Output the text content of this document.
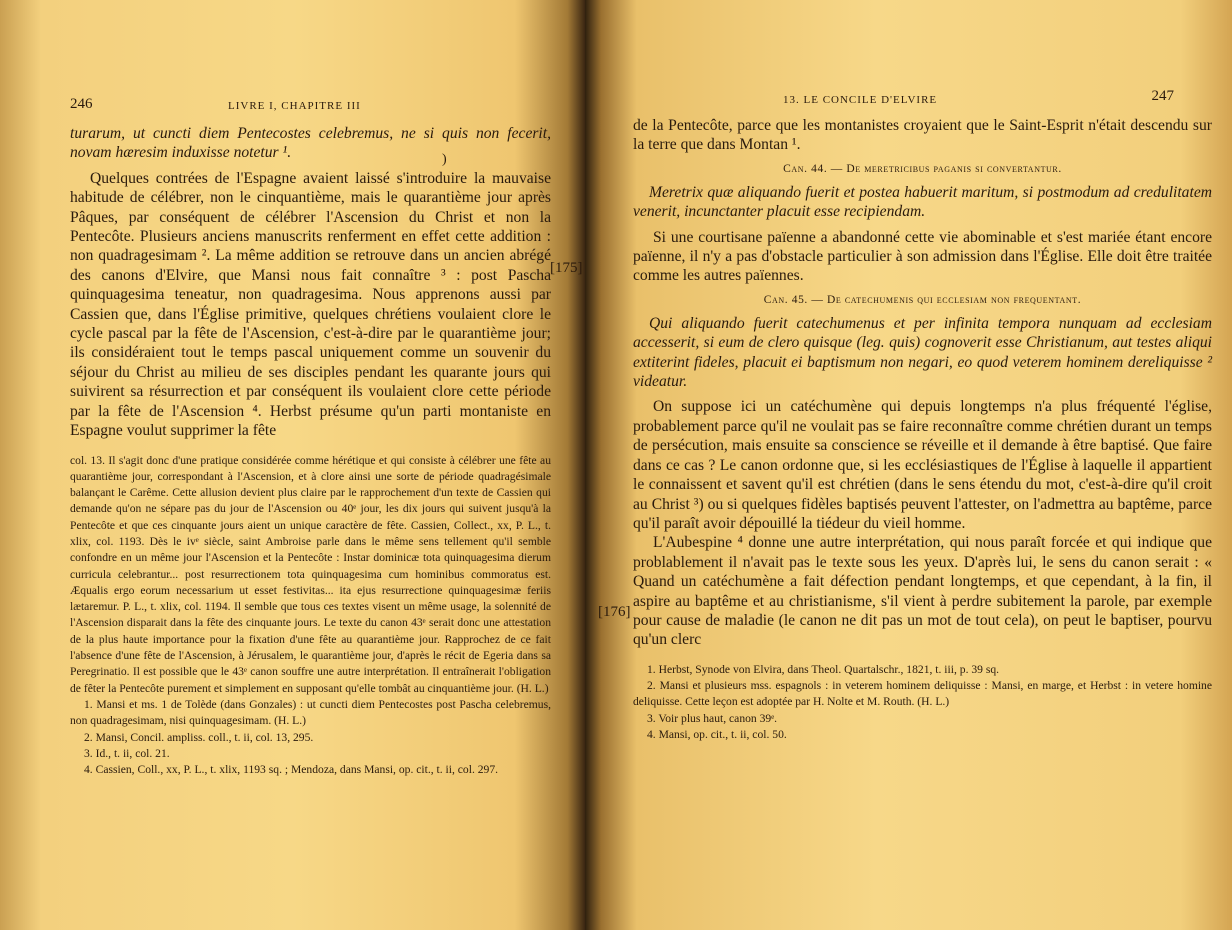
246	LIVRE I, CHAPITRE III

turarum, ut cuncti diem Pentecostes celebremus, ne si quis non fecerit, novam hæresim induxisse notetur ¹.

Quelques contrées de l'Espagne avaient laissé s'introduire la mauvaise habitude de célébrer, non le cinquantième, mais le quarantième jour après Pâques, par conséquent de célébrer l'Ascension du Christ et non la Pentecôte. Plusieurs anciens manuscrits renferment en effet cette addition : non quadragesimam ². La même addition se retrouve dans un ancien abrégé des canons d'Elvire, que Mansi nous fait connaître ³ : post Pascha quinquagesima teneatur, non quadragesima. Nous apprenons aussi par Cassien que, dans l'Église primitive, quelques chrétiens voulaient clore le cycle pascal par la fête de l'Ascension, c'est-à-dire par le quarantième jour; ils considéraient tout le temps pascal uniquement comme un souvenir du séjour du Christ au milieu de ses disciples pendant les quarante jours qui suivirent sa résurrection et par conséquent ils voulaient clore cette période par la fête de l'Ascension ⁴. Herbst présume qu'un parti montaniste en Espagne voulut supprimer la fête

col. 13. Il s'agit donc d'une pratique considérée comme hérétique et qui consiste à célébrer une fête au quarantième jour, correspondant à l'Ascension, et à clore ainsi une sorte de période quadragésimale balançant le Carême. Cette allusion devient plus claire par le rapprochement d'un texte de Cassien qui demande qu'on ne sépare pas du jour de l'Ascension ou 40ᵉ jour, les dix jours qui suivent jusqu'à la Pentecôte et que ces cinquante jours aient un unique caractère de fête. Cassien, Collect., xx, P. L., t. xlix, col. 1193. Dès le ivᵉ siècle, saint Ambroise parle dans le même sens tellement qu'il semble confondre en un même jour l'Ascension et la Pentecôte : Instar dominicæ tota quinquagesima dierum curricula celebrantur... post resurrectionem tota quinquagesima cum hominibus commoratus est. Æqualis ergo eorum necessarium ut esset festivitas... ita ejus resurrectione quinquagesimæ feriis lætaremur. P. L., t. xlix, col. 1194. Il semble que tous ces textes visent un même usage, la solennité de l'Ascension disparait dans la fête des cinquante jours. Le texte du canon 43ᵉ serait donc une attestation de la plus haute importance pour la fixation d'une fête au quarantième jour. Rapprochez de ce fait l'absence d'une fête de l'Ascension, à Jérusalem, le quarantième jour, d'après le récit de Egeria dans sa Peregrinatio. Il est possible que le 43ᵉ canon souffre une autre interprétation. Il entraînerait l'obligation de fêter la Pentecôte purement et simplement en supposant qu'elle tombât au cinquantième jour. (H. L.)

1. Mansi et ms. 1 de Tolède (dans Gonzales) : ut cuncti diem Pentecostes post Pascha celebremus, non quadragesimam, nisi quinquagesimam. (H. L.)

2. Mansi, Concil. ampliss. coll., t. ii, col. 13, 295.

3. Id., t. ii, col. 21.

4. Cassien, Coll., xx, P. L., t. xlix, 1193 sq. ; Mendoza, dans Mansi, op. cit., t. ii, col. 297.

13. LE CONCILE D'ELVIRE	247

de la Pentecôte, parce que les montanistes croyaient que le Saint-Esprit n'était descendu sur la terre que dans Montan ¹.

Can. 44. — De meretricibus paganis si convertantur.

Meretrix quæ aliquando fuerit et postea habuerit maritum, si postmodum ad credulitatem venerit, incunctanter placuit esse recipiendam.

Si une courtisane païenne a abandonné cette vie abominable et s'est mariée étant encore païenne, il n'y a pas d'obstacle particulier à son admission dans l'Église. Elle doit être traitée comme les autres païennes.

Can. 45. — De catechumenis qui ecclesiam non frequentant.

Qui aliquando fuerit catechumenus et per infinita tempora nunquam ad ecclesiam accesserit, si eum de clero quisque (leg. quis) cognoverit esse Christianum, aut testes aliqui extiterint fideles, placuit ei baptismum non negari, eo quod veterem hominem dereliquisse ² videatur.

On suppose ici un catéchumène qui depuis longtemps n'a plus fréquenté l'église, probablement parce qu'il ne voulait pas se faire reconnaître comme chrétien durant un temps de persécution, mais ensuite sa conscience se réveille et il demande à être baptisé. Que faire dans ce cas ? Le canon ordonne que, si les ecclésiastiques de l'Église à laquelle il appartient le connaissent et savent qu'il est chrétien (dans le sens étendu du mot, c'est-à-dire qu'il croit au Christ ³) ou si quelques fidèles baptisés peuvent l'attester, on l'admettra au baptême, parce qu'il paraît avoir dépouillé la tiédeur du vieil homme.

L'Aubespine ⁴ donne une autre interprétation, qui nous paraît forcée et qui indique que problablement il n'avait pas le texte sous les yeux. D'après lui, le sens du canon serait : « Quand un catéchumène a fait défection pendant longtemps, et que cependant, à la fin, il aspire au baptême et au christianisme, s'il vient à perdre subitement la parole, par exemple pour cause de maladie (le canon ne dit pas un mot de tout cela), on peut le baptiser, pourvu qu'un clerc

1. Herbst, Synode von Elvira, dans Theol. Quartalschr., 1821, t. iii, p. 39 sq.

2. Mansi et plusieurs mss. espagnols : in veterem hominem deliquisse : Mansi, en marge, et Herbst : in vetere homine deliquisse. Cette leçon est adoptée par H. Nolte et M. Routh. (H. L.)

3. Voir plus haut, canon 39ᵉ.

4. Mansi, op. cit., t. ii, col. 50.

[175]
[176]
)
